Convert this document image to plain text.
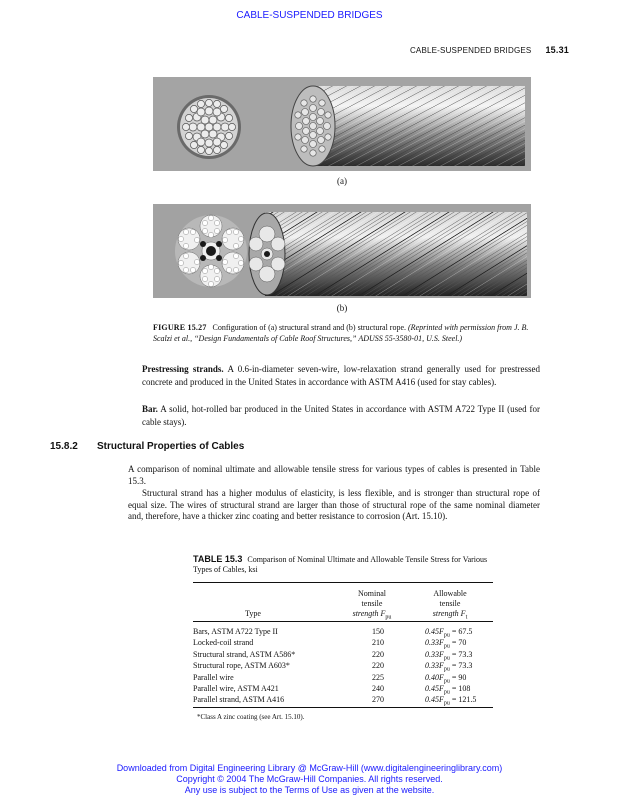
CABLE-SUSPENDED BRIDGES
CABLE-SUSPENDED BRIDGES 15.31
(a)
(b)
FIGURE 15.27 Configuration of (a) structural strand and (b) structural rope. (Reprinted with permission from J. B. Scalzi et al., “Design Fundamentals of Cable Roof Structures,” ADUSS 55-3580-01, U.S. Steel.)
Prestressing strands. A 0.6-in-diameter seven-wire, low-relaxation strand generally used for prestressed concrete and produced in the United States in accordance with ASTM A416 (used for stay cables).
Bar. A solid, hot-rolled bar produced in the United States in accordance with ASTM A722 Type II (used for cable stays).
15.8.2 Structural Properties of Cables
A comparison of nominal ultimate and allowable tensile stress for various types of cables is presented in Table 15.3.
Structural strand has a higher modulus of elasticity, is less flexible, and is stronger than structural rope of equal size. The wires of structural strand are larger than those of structural rope of the same nominal diameter and, therefore, have a thicker zinc coating and better resistance to corrosion (Art. 15.10).
TABLE 15.3 Comparison of Nominal Ultimate and Allowable Tensile Stress for Various Types of Cables, ksi
Nominal
tensile
strength $F_{pu}$
Allowable
tensile
strength $F_t$
Type
Bars, ASTM A722 Type II	150	$0.45F_{pu} = 67.5$
Locked-coil strand	210	$0.33F_{pu} = 70$
Structural strand, ASTM A586*	220	$0.33F_{pu} = 73.3$
Structural rope, ASTM A603*	220	$0.33F_{pu} = 73.3$
Parallel wire	225	$0.40F_{pu} = 90$
Parallel wire, ASTM A421	240	$0.45F_{pu} = 108$
Parallel strand, ASTM A416	270	$0.45F_{pu} = 121.5$
*Class A zinc coating (see Art. 15.10).
Downloaded from Digital Engineering Library @ McGraw-Hill (www.digitalengineeringlibrary.com)
Copyright © 2004 The McGraw-Hill Companies. All rights reserved.
Any use is subject to the Terms of Use as given at the website.
